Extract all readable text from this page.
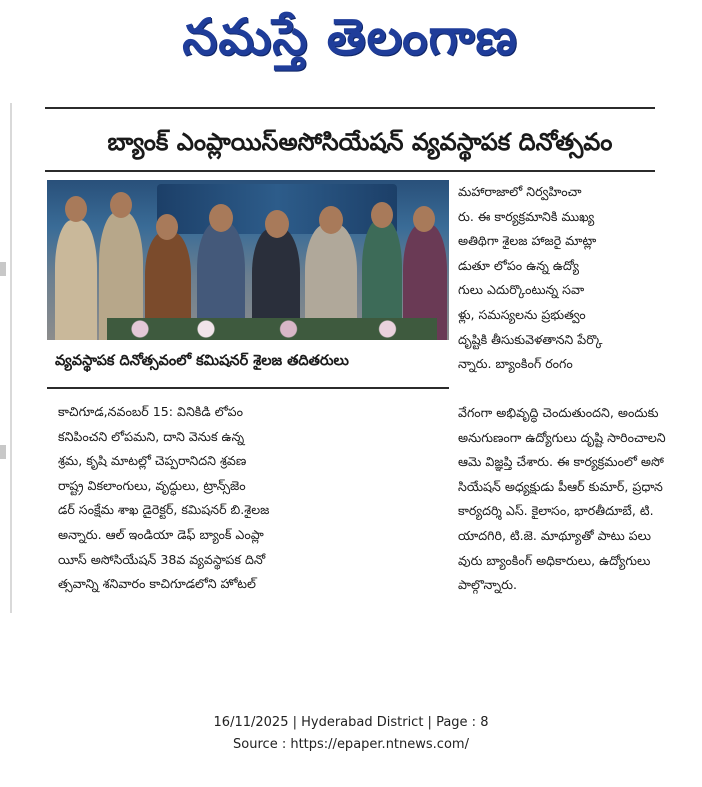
నమస్తే తెలంగాణ
బ్యాంక్ ఎంప్లాయిస్‌అసోసియేషన్ వ్యవస్థాపక దినోత్సవం
మహారాజాలో నిర్వహించా
రు. ఈ కార్యక్రమానికి ముఖ్య
అతిథిగా శైలజ హాజరై మాట్లా
డుతూ లోపం ఉన్న ఉద్యో
గులు ఎదుర్కొంటున్న సవా
ళ్లు, సమస్యలను ప్రభుత్వం
దృష్టికి తీసుకువెళతానని పేర్కొ
న్నారు. బ్యాంకింగ్ రంగం
వ్యవస్థాపక దినోత్సవంలో కమిషనర్ శైలజ తదితరులు
కాచిగూడ,నవంబర్ 15: వినికిడి లోపం
కనిపించని లోపమని, దాని వెనుక ఉన్న
శ్రమ, కృషి మాటల్లో చెప్పరానిదని శ్రవణ
రాష్ట్ర వికలాంగులు, వృద్ధులు, ట్రాన్స్‌జెం
డర్ సంక్షేమ శాఖ డైరెక్టర్, కమిషనర్ బి.శైలజ
అన్నారు. ఆల్ ఇండియా డెఫ్ బ్యాంక్ ఎంప్లా
యీస్ అసోసియేషన్ 38వ వ్యవస్థాపక దినో
త్సవాన్ని శనివారం కాచిగూడలోని హోటల్
వేగంగా అభివృద్ధి చెందుతుందని, అందుకు
అనుగుణంగా ఉద్యోగులు దృష్టి సారించాలని
ఆమె విజ్ఞప్తి చేశారు. ఈ కార్యక్రమంలో అసో
సియేషన్ అధ్యక్షుడు పీఆర్ కుమార్, ప్రధాన
కార్యదర్శి ఎస్. కైలాసం, భారతీదూబే, టి.
యాదగిరి, టి.జె. మాథ్యూతో పాటు పలు
వురు బ్యాంకింగ్ అధికారులు, ఉద్యోగులు
పాల్గొన్నారు.
16/11/2025 | Hyderabad District | Page : 8
Source : https://epaper.ntnews.com/
